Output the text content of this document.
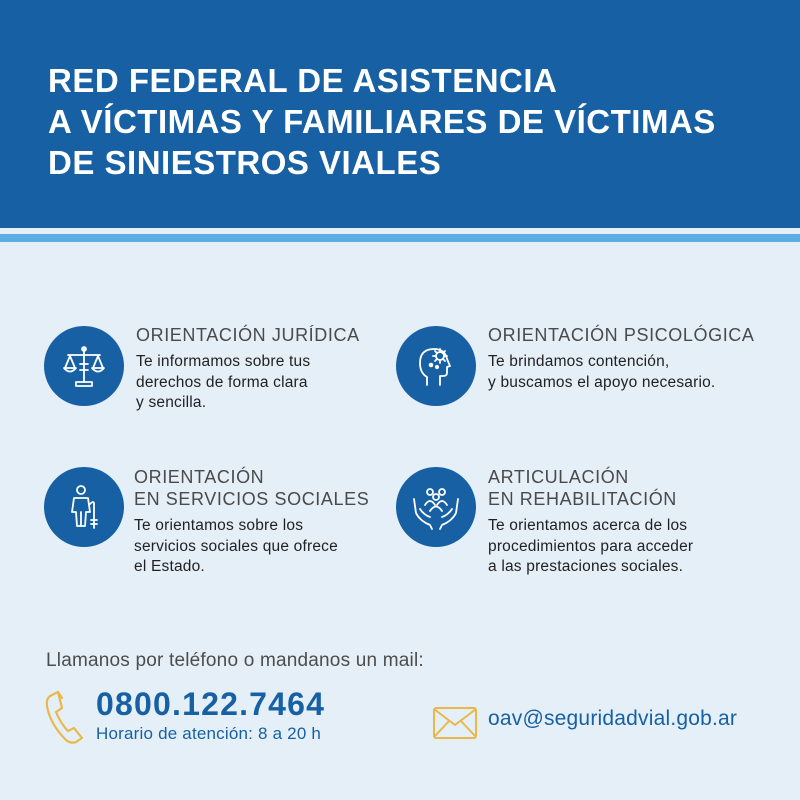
RED FEDERAL DE ASISTENCIA
A VÍCTIMAS Y FAMILIARES DE VÍCTIMAS
DE SINIESTROS VIALES
ORIENTACIÓN JURÍDICA
Te informamos sobre tus
derechos de forma clara
y sencilla.
ORIENTACIÓN PSICOLÓGICA
Te brindamos contención,
y buscamos el apoyo necesario.
ORIENTACIÓN
EN SERVICIOS SOCIALES
Te orientamos sobre los
servicios sociales que ofrece
el Estado.
ARTICULACIÓN
EN REHABILITACIÓN
Te orientamos acerca de los
procedimientos para acceder
a las prestaciones sociales.
Llamanos por teléfono o mandanos un mail:
0800.122.7464
Horario de atención: 8 a 20 h
oav@seguridadvial.gob.ar
